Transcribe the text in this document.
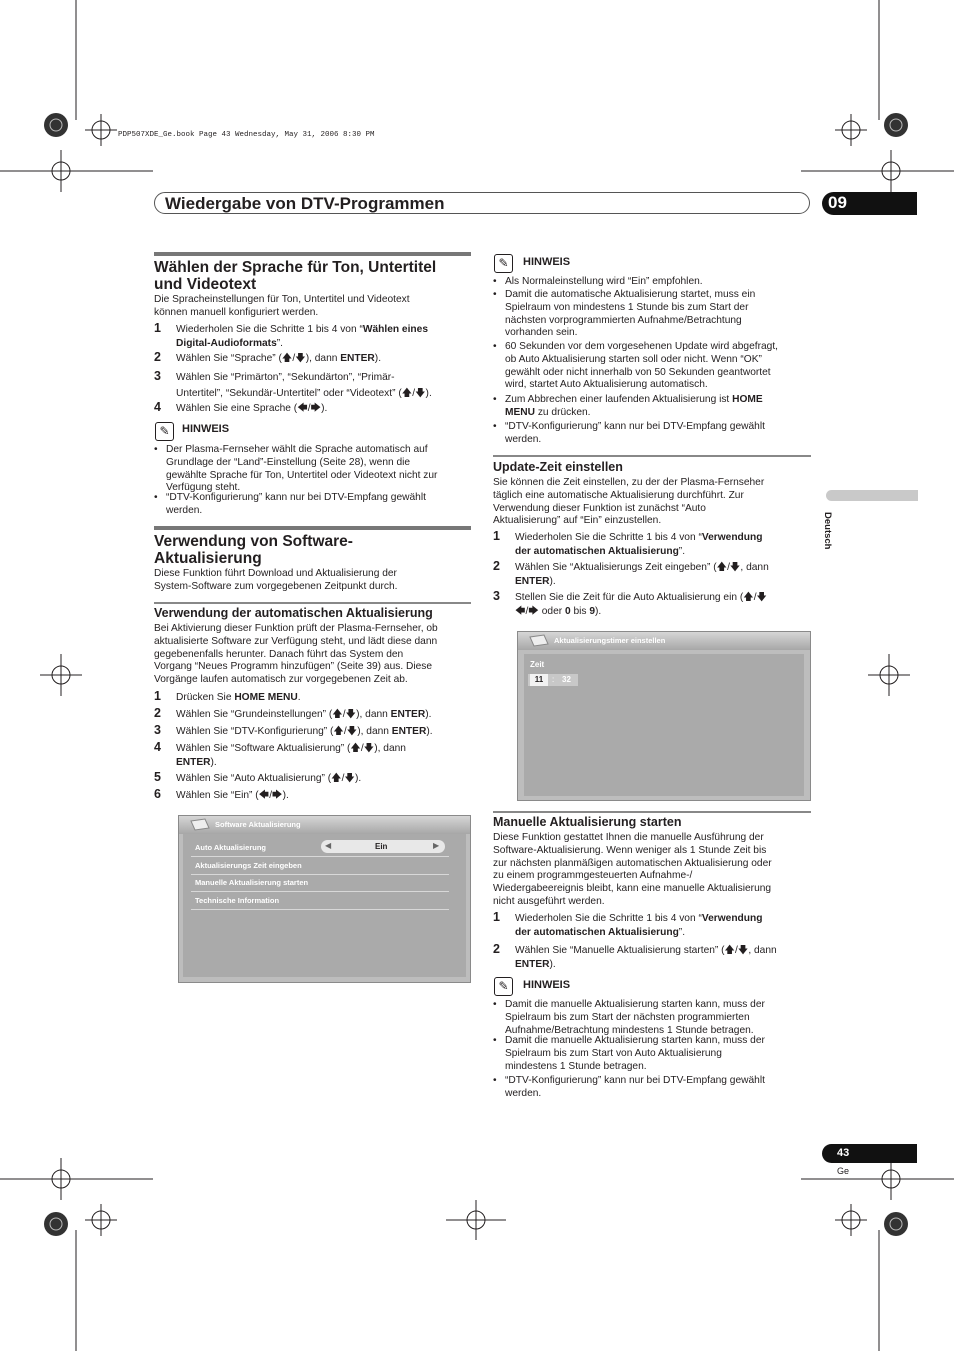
PDP507XDE_Ge.book Page 43 Wednesday, May 31, 2006 8:30 PM
Wiedergabe von DTV-Programmen	09
Wählen der Sprache für Ton, Untertitel
und Videotext

Die Spracheinstellungen für Ton, Untertitel und Videotext

können manuell konfiguriert werden.

1 Wiederholen Sie die Schritte 1 bis 4 von “Wählen eines
Digital-Audioformats”.
2 Wählen Sie “Sprache” (🡅/🡇), dann ENTER).
3 Wählen Sie “Primärton”, “Sekundärton”, “Primär-
Untertitel”, “Sekundär-Untertitel” oder “Videotext” (🡅/🡇).
4 Wählen Sie eine Sprache (🡄/🡆).
✎	HINWEIS
• Der Plasma-Fernseher wählt die Sprache automatisch auf
Grundlage der “Land”-Einstellung (Seite 28), wenn die
gewählte Sprache für Ton, Untertitel oder Videotext nicht zur
Verfügung steht.
• “DTV-Konfigurierung” kann nur bei DTV-Empfang gewählt
werden.
Verwendung von Software-
Aktualisierung

Diese Funktion führt Download und Aktualisierung der

System-Software zum vorgegebenen Zeitpunkt durch.

Verwendung der automatischen Aktualisierung

Bei Aktivierung dieser Funktion prüft der Plasma-Fernseher, ob

aktualisierte Software zur Verfügung steht, und lädt diese dann

gegebenenfalls herunter. Danach führt das System den

Vorgang “Neues Programm hinzufügen” (Seite 39) aus. Diese

Vorgänge laufen automatisch zur vorgegebenen Zeit ab.

1 Drücken Sie HOME MENU.
2 Wählen Sie “Grundeinstellungen” (🡅/🡇), dann ENTER).
3 Wählen Sie “DTV-Konfigurierung” (🡅/🡇), dann ENTER).
4 Wählen Sie “Software Aktualisierung” (🡅/🡇), dann
ENTER).
5 Wählen Sie “Auto Aktualisierung” (🡅/🡇).
6 Wählen Sie “Ein” (🡄/🡆).
Software Aktualisierung
Auto Aktualisierung	◀	Ein	▶
Aktualisierungs Zeit eingeben
Manuelle Aktualisierung starten
Technische Information
✎	HINWEIS
• Als Normaleinstellung wird “Ein” empfohlen.
• Damit die automatische Aktualisierung startet, muss ein
Spielraum von mindestens 1 Stunde bis zum Start der
nächsten vorprogrammierten Aufnahme/Betrachtung
vorhanden sein.
• 60 Sekunden vor dem vorgesehenen Update wird abgefragt,
ob Auto Aktualisierung starten soll oder nicht. Wenn “OK”
gewählt oder nicht innerhalb von 50 Sekunden geantwortet
wird, startet Auto Aktualisierung automatisch.
• Zum Abbrechen einer laufenden Aktualisierung ist HOME
MENU zu drücken.
• “DTV-Konfigurierung” kann nur bei DTV-Empfang gewählt
werden.
Update-Zeit einstellen

Sie können die Zeit einstellen, zu der der Plasma-Fernseher

täglich eine automatische Aktualisierung durchführt. Zur

Verwendung dieser Funktion ist zunächst “Auto

Aktualisierung” auf “Ein” einzustellen.

1 Wiederholen Sie die Schritte 1 bis 4 von “Verwendung
der automatischen Aktualisierung”.
2 Wählen Sie “Aktualisierungs Zeit eingeben” (🡅/🡇, dann
ENTER).
3 Stellen Sie die Zeit für die Auto Aktualisierung ein (🡅/🡇
🡄/🡆 oder 0 bis 9).
Aktualisierungstimer einstellen
Zeit
11	: 32
Manuelle Aktualisierung starten

Diese Funktion gestattet Ihnen die manuelle Ausführung der

Software-Aktualisierung. Wenn weniger als 1 Stunde Zeit bis

zur nächsten planmäßigen automatischen Aktualisierung oder

zu einem programmgesteuerten Aufnahme-/

Wiedergabeereignis bleibt, kann eine manuelle Aktualisierung

nicht ausgeführt werden.

1 Wiederholen Sie die Schritte 1 bis 4 von “Verwendung
der automatischen Aktualisierung”.
2 Wählen Sie “Manuelle Aktualisierung starten” (🡅/🡇, dann
ENTER).
✎	HINWEIS
• Damit die manuelle Aktualisierung starten kann, muss der
Spielraum bis zum Start der nächsten programmierten
Aufnahme/Betrachtung mindestens 1 Stunde betragen.
• Damit die manuelle Aktualisierung starten kann, muss der
Spielraum bis zum Start von Auto Aktualisierung
mindestens 1 Stunde betragen.
• “DTV-Konfigurierung” kann nur bei DTV-Empfang gewählt
werden.
Deutsch
43
Ge
